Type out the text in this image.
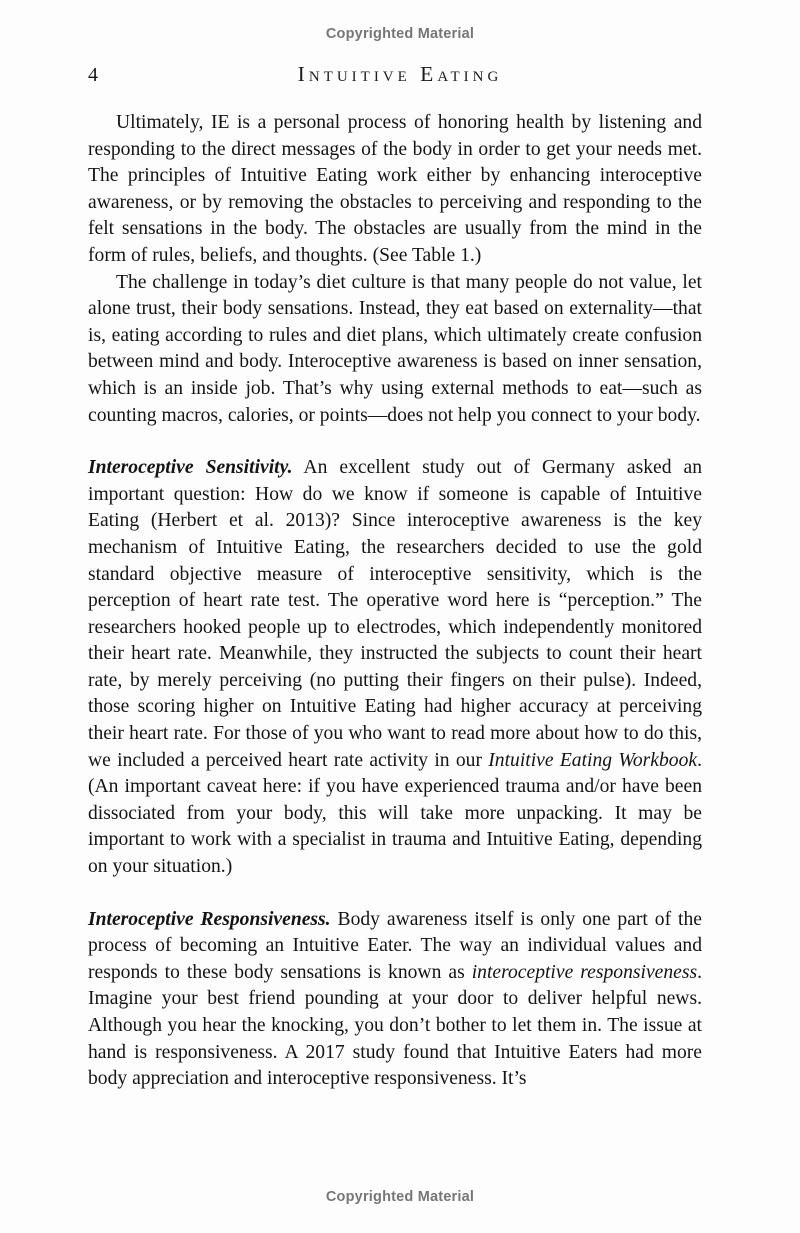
Copyrighted Material
4	Intuitive Eating

Ultimately, IE is a personal process of honoring health by listening and responding to the direct messages of the body in order to get your needs met. The principles of Intuitive Eating work either by enhancing interoceptive awareness, or by removing the obstacles to perceiving and responding to the felt sensations in the body. The obstacles are usually from the mind in the form of rules, beliefs, and thoughts. (See Table 1.)

The challenge in today’s diet culture is that many people do not value, let alone trust, their body sensations. Instead, they eat based on externality—that is, eating according to rules and diet plans, which ultimately create confusion between mind and body. Interoceptive awareness is based on inner sensation, which is an inside job. That’s why using external methods to eat—such as counting macros, calories, or points—does not help you connect to your body.

Interoceptive Sensitivity. An excellent study out of Germany asked an important question: How do we know if someone is capable of Intuitive Eating (Herbert et al. 2013)? Since interoceptive awareness is the key mechanism of Intuitive Eating, the researchers decided to use the gold standard objective measure of interoceptive sensitivity, which is the perception of heart rate test. The operative word here is “perception.” The researchers hooked people up to electrodes, which independently monitored their heart rate. Meanwhile, they instructed the subjects to count their heart rate, by merely perceiving (no putting their fingers on their pulse). Indeed, those scoring higher on Intuitive Eating had higher accuracy at perceiving their heart rate. For those of you who want to read more about how to do this, we included a perceived heart rate activity in our Intuitive Eating Workbook. (An important caveat here: if you have experienced trauma and/or have been dissociated from your body, this will take more unpacking. It may be important to work with a specialist in trauma and Intuitive Eating, depending on your situation.)

Interoceptive Responsiveness. Body awareness itself is only one part of the process of becoming an Intuitive Eater. The way an individual values and responds to these body sensations is known as interoceptive responsiveness. Imagine your best friend pounding at your door to deliver helpful news. Although you hear the knocking, you don’t bother to let them in. The issue at hand is responsiveness. A 2017 study found that Intuitive Eaters had more body appreciation and interoceptive responsiveness. It’s

Copyrighted Material
